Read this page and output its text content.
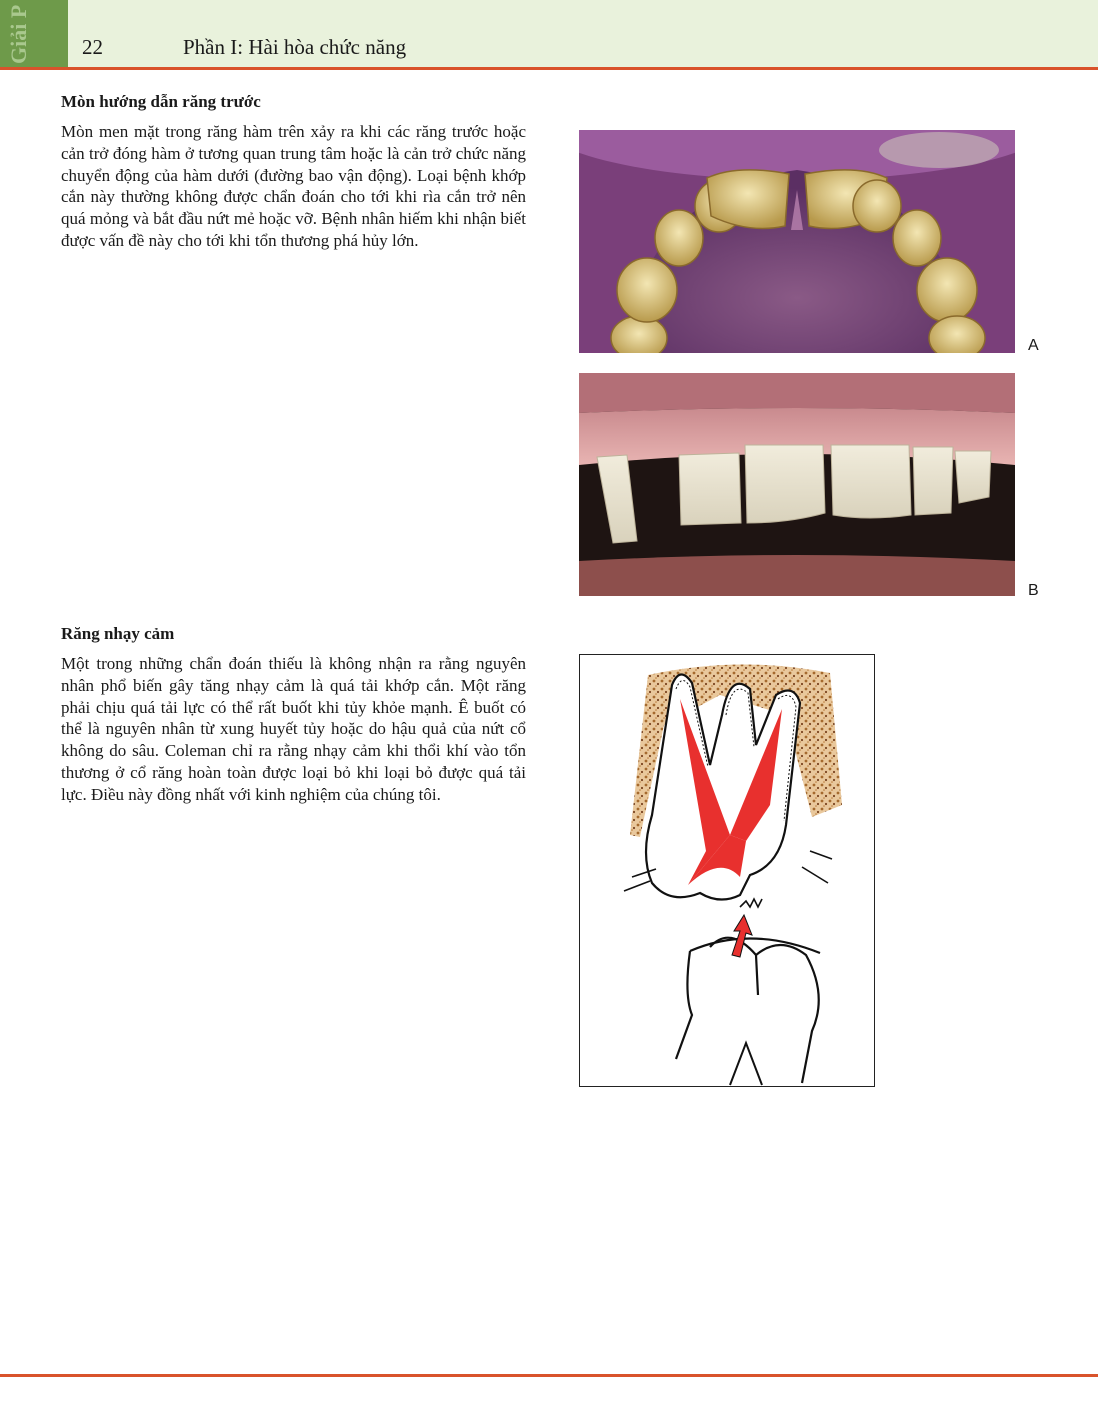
Giải P 22	Phần I: Hài hòa chức năng
Mòn hướng dẫn răng trước

Mòn men mặt trong răng hàm trên xảy ra khi các răng trước hoặc cản trở đóng hàm ở tương quan trung tâm hoặc là cản trở chức năng chuyển động của hàm dưới (đường bao vận động). Loại bệnh khớp cắn này thường không được chẩn đoán cho tới khi rìa cắn trở nên quá mỏng và bắt đầu nứt mẻ hoặc vỡ. Bệnh nhân hiếm khi nhận biết được vấn đề này cho tới khi tổn thương phá hủy lớn.

A
B
Răng nhạy cảm

Một trong những chẩn đoán thiếu là không nhận ra rằng nguyên nhân phổ biến gây tăng nhạy cảm là quá tải khớp cắn. Một răng phải chịu quá tải lực có thể rất buốt khi tủy khỏe mạnh. Ê buốt có thể là nguyên nhân từ xung huyết tủy hoặc do hậu quả của nứt cổ không do sâu. Coleman chỉ ra rằng nhạy cảm khi thổi khí vào tổn thương ở cổ răng hoàn toàn được loại bỏ khi loại bỏ được quá tải lực. Điều này đồng nhất với kinh nghiệm của chúng tôi.
